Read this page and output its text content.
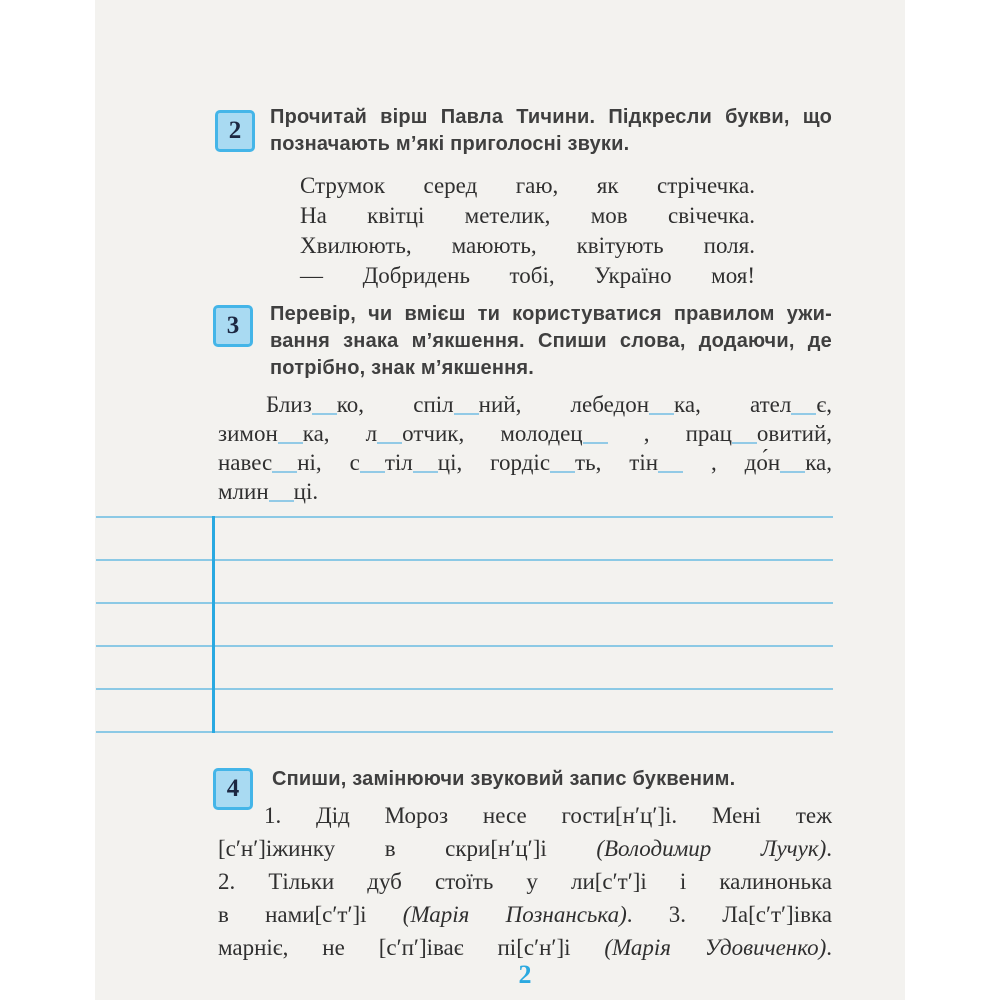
2	Прочитай вірш Павла Тичини. Підкресли букви, що
позначають м’які приголосні звуки.
Струмок серед гаю, як стрічечка.
На квітці метелик, мов свічечка.
Хвилюють, маюють, квітують поля.
— Добридень тобі, Україно моя!
3	Перевір, чи вмієш ти користуватися правилом ужи-
вання знака м’якшення. Спиши слова, додаючи, де
потрібно, знак м’якшення.
Близ ко, спіл ний, лебедон ка, ател є,
зимон ка, л отчик, молодец , прац овитий,
навес ні, с тіл ці, гордіс ть, тін , до́н ка,
млин ці.
4	Спиши, замінюючи звуковий запис буквеним.
1. Дід Мороз несе гости[нʹцʹ]і. Мені теж
[сʹнʹ]іжинку в скри[нʹцʹ]і (Володимир Лучук).
2. Тільки дуб стоїть у ли[сʹтʹ]і і калинонька
в нами[сʹтʹ]і (Марія Познанська). 3. Ла[сʹтʹ]івка
марніє, не [сʹпʹ]іває пі[сʹнʹ]і (Марія Удовиченко).
2
